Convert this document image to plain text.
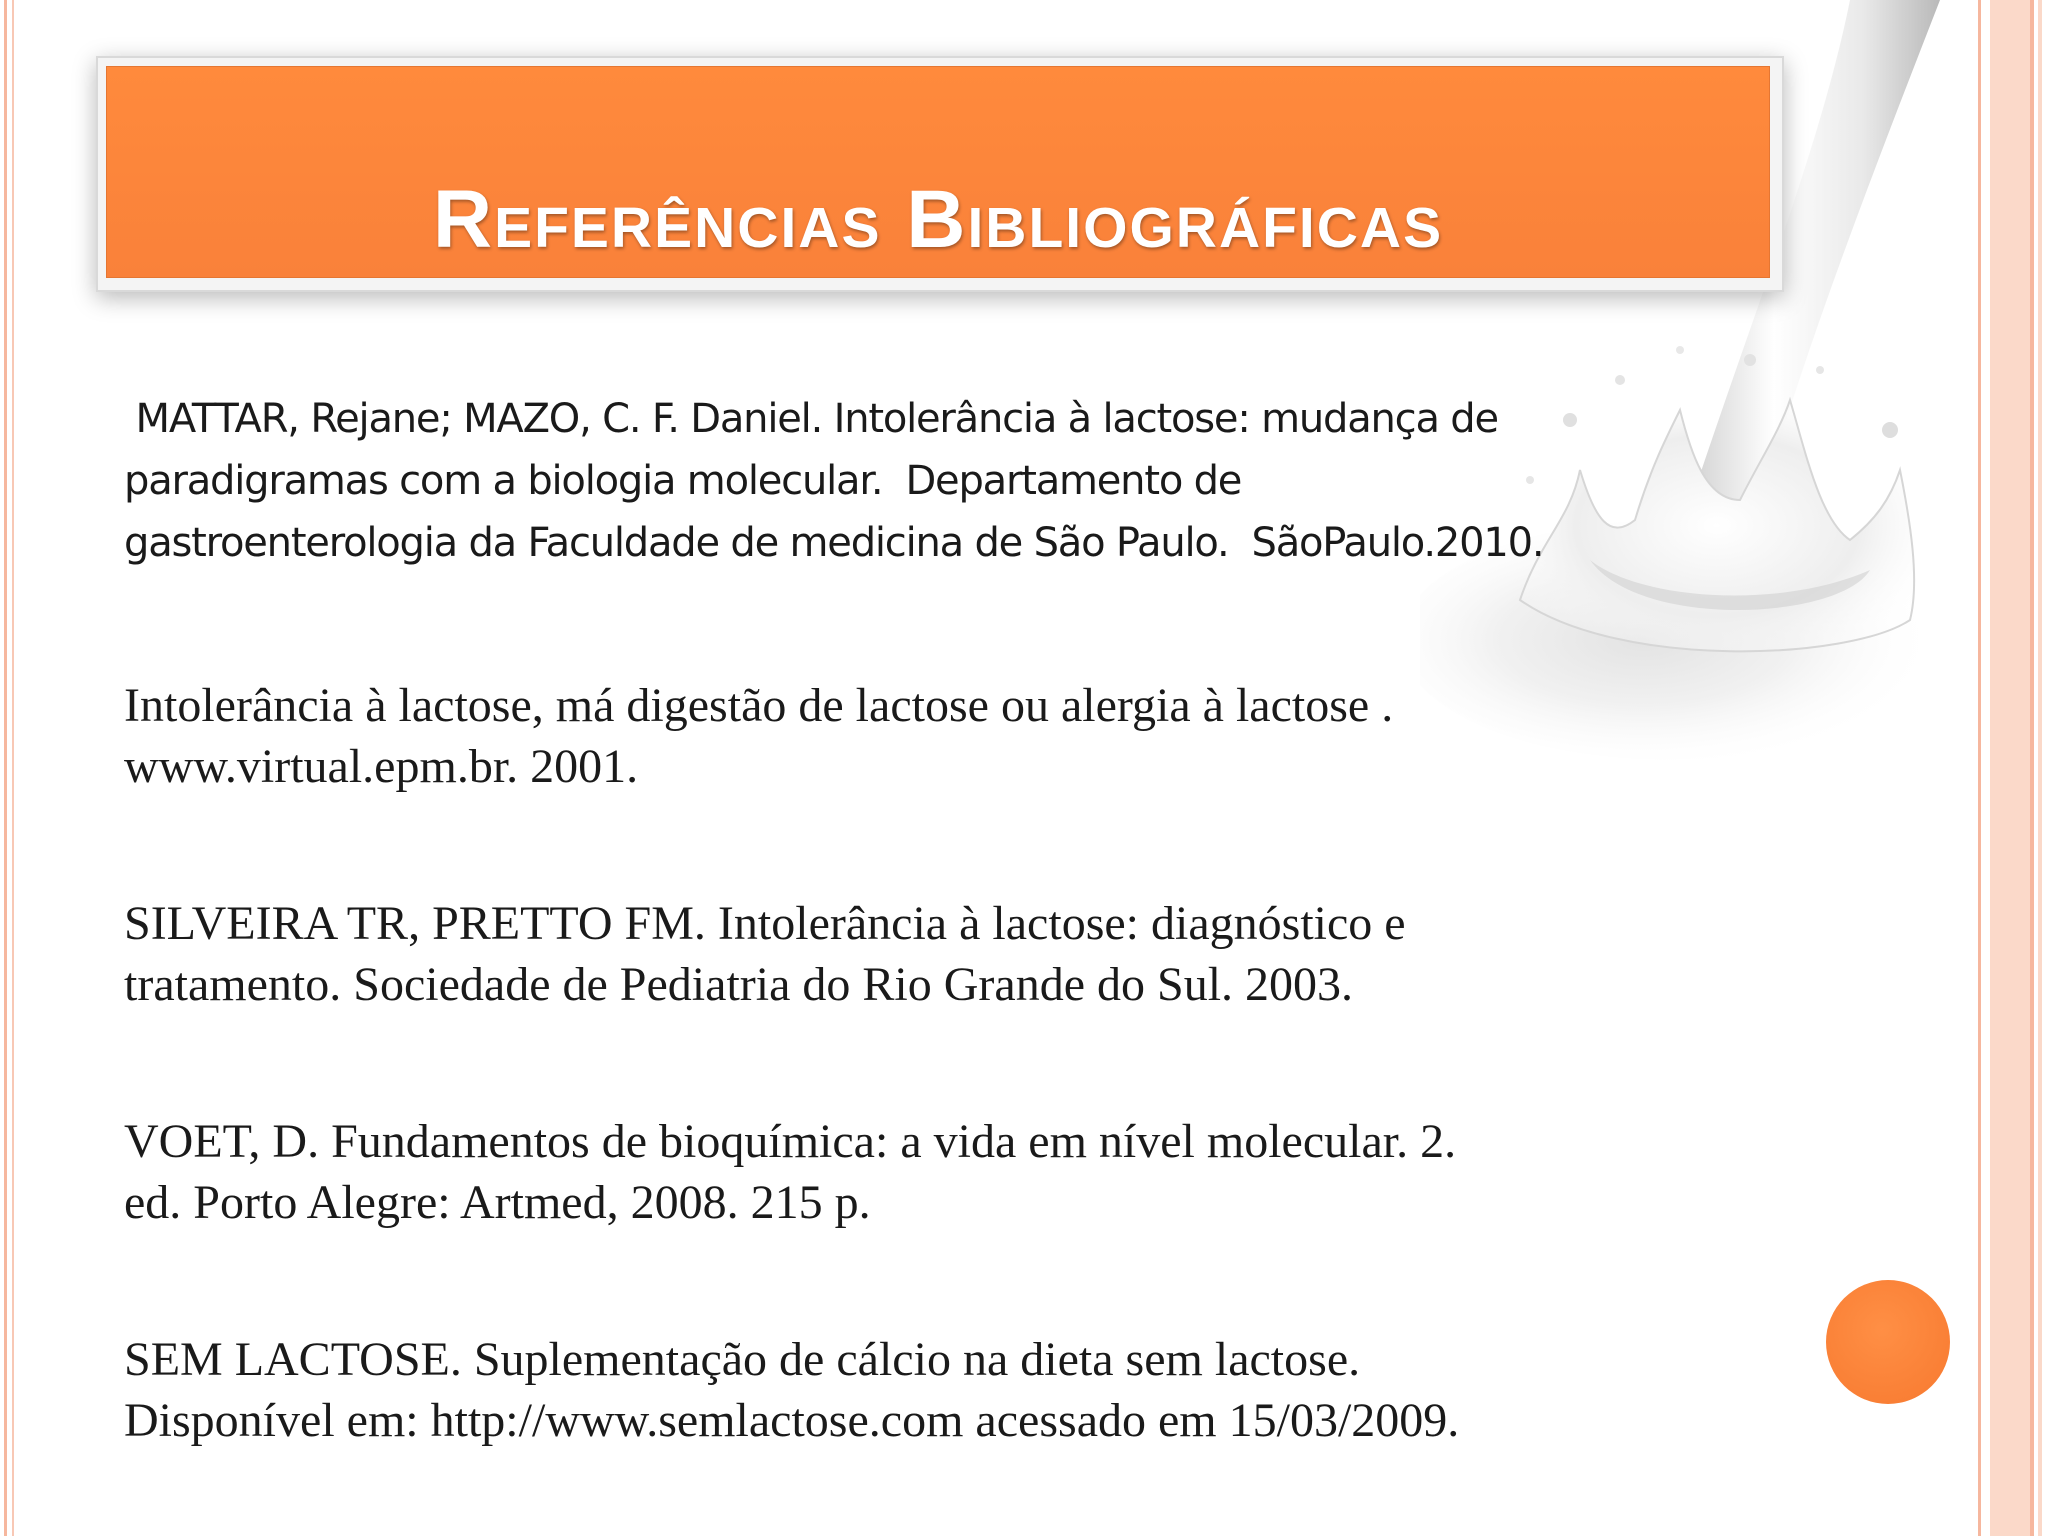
Referências Bibliográficas

MATTAR, Rejane; MAZO, C. F. Daniel. Intolerância à lactose: mudança de
paradigramas com a biologia molecular.  Departamento de
gastroenterologia da Faculdade de medicina de São Paulo.  SãoPaulo.2010.

Intolerância à lactose, má digestão de lactose ou alergia à lactose .
www.virtual.epm.br. 2001.

SILVEIRA TR, PRETTO FM. Intolerância à lactose: diagnóstico e
tratamento. Sociedade de Pediatria do Rio Grande do Sul. 2003.

VOET, D. Fundamentos de bioquímica: a vida em nível molecular. 2.
ed. Porto Alegre: Artmed, 2008. 215 p.

SEM LACTOSE. Suplementação de cálcio na dieta sem lactose.
Disponível em: http://www.semlactose.com acessado em 15/03/2009.
